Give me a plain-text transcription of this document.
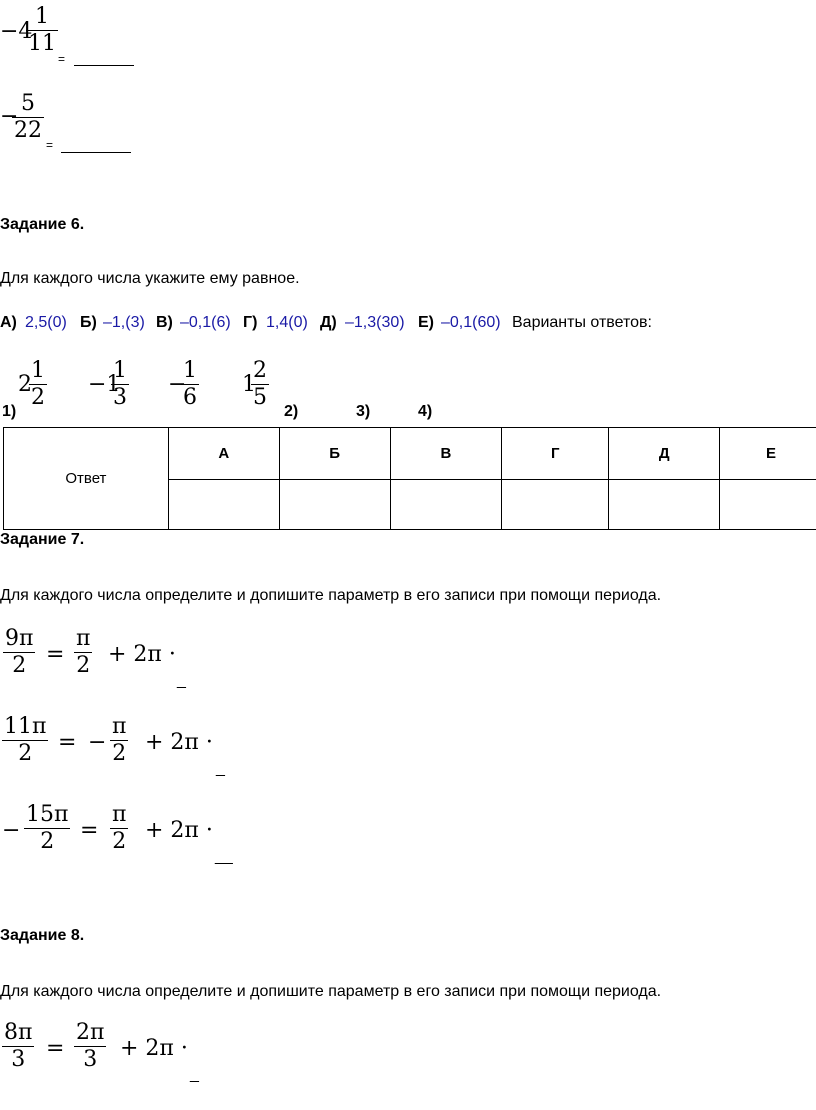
−4
1
11
=
−
5
22
=
Задание 6.
Для каждого числа укажите ему равное.
А) 2,5(0) Б) –1,(3) В) –0,1(6) Г) 1,4(0) Д) –1,3(30) Е) –0,1(60) Варианты ответов:
2
1
2
−1
1
3
−
1
6
1
2
5
1)	2)	3)	4)
Ответ	А	Б	В	Г	Д	Е

Задание 7.
Для каждого числа определите и допишите параметр в его записи при помощи периода.
9π
2 =
π
2 + 2π ·
_
11π
2 = −
π
2 + 2π ·
_
−
15π
2 =
π
2 + 2π ·
__
Задание 8.
Для каждого числа определите и допишите параметр в его записи при помощи периода.
8π
3 =
2π
3 + 2π ·
_
